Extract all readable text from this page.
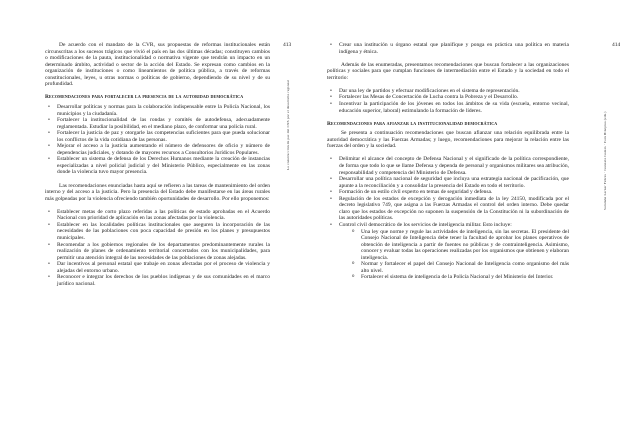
La construcción de paz del CNS por el desarrollo regional
413

De acuerdo con el mandato de la CVR, sus propuestas de reformas institucionales están circunscritas a los sucesos trágicos que vivió el país en las dos últimas décadas; constituyen cambios o modificaciones de la pauta, institucionalidad o normativa vigente que tendrán un impacto en un determinado ámbito, actividad o sector de la acción del Estado. Se expresan como cambios en la organización de instituciones o como lineamientos de política pública, a través de reformas constitucionales, leyes, u otras normas o políticas de gobierno, dependiendo de su nivel y de su profundidad.

Recomendaciones para fortalecer la presencia de la autoridad democrática
• Desarrollar políticas y normas para la colaboración indispensable entre la Policía Nacional, los municipios y la ciudadanía.
• Fortalecer la institucionalidad de las rondas y comités de autodefensa, adecuadamente reglamentada. Estudiar la posibilidad, en el mediano plazo, de conformar una policía rural.
• Fortalecer la justicia de paz y otorgarle las competencias suficientes para que pueda solucionar los conflictos de la vida cotidiana de las personas.
• Mejorar el acceso a la justicia aumentando el número de defensores de oficio y número de dependencias judiciales, y dotando de mayores recursos a Consultorios Jurídicos Populares.
• Establecer un sistema de defensa de los Derechos Humanos mediante la creación de instancias especializadas a nivel policial judicial y del Ministerio Público, especialmente en las zonas donde la violencia tuvo mayor presencia.

Las recomendaciones enunciadas hasta aquí se refieren a las tareas de mantenimiento del orden interno y del acceso a la justicia. Pero la presencia del Estado debe manifestarse en las áreas rurales más golpeadas por la violencia ofreciendo también oportunidades de desarrollo. Por ello proponemos:

• Establecer metas de corto plazo referidas a las políticas de estado aprobadas en el Acuerdo Nacional con prioridad de aplicación en las zonas afectadas por la violencia.
• Establecer en las localidades políticas institucionales que aseguren la incorporación de las necesidades de las poblaciones con poca capacidad de presión en los planes y presupuestos municipales.
• Recomendar a los gobiernos regionales de los departamentos predominantemente rurales la realización de planes de ordenamiento territorial concertados con los municipalidades, para permitir una atención integral de las necesidades de las poblaciones de zonas alejadas.
• Dar incentivos al personal estatal que trabaje en zonas afectadas por el proceso de violencia y alejadas del entorno urbano.
• Reconocer e integrar los derechos de los pueblos indígenas y de sus comunidades en el marco jurídico nacional.
Salomón Lerner Febres · Gonzalo Gamio · Iván Hinojosa (eds.)
414
• Crear una institución u órgano estatal que planifique y ponga en práctica una política en materia indígena y étnica.

Además de las enumeradas, presentamos recomendaciones que buscan fortalecer a las organizaciones políticas y sociales para que cumplan funciones de intermediación entre el Estado y la sociedad en todo el territorio:

• Dar una ley de partidos y efectuar modificaciones en el sistema de representación.
• Fortalecer las Mesas de Concertación de Lucha contra la Pobreza y el Desarrollo.
• Incentivar la participación de los jóvenes en todos los ámbitos de su vida (escuela, entorno vecinal, educación superior, laboral) estimulando la formación de líderes.
Recomendaciones para afianzar la institucionalidad democrática

Se presenta a continuación recomendaciones que buscan afianzar una relación equilibrada entre la autoridad democrática y las Fuerzas Armadas; y luego, recomendaciones para mejorar la relación entre las fuerzas del orden y la sociedad.

• Delimitar el alcance del concepto de Defensa Nacional y el significado de la política correspondiente, de forma que todo lo que se llame Defensa y dependa de personal y organismos militares sea atribución, responsabilidad y competencia del Ministerio de Defensa.
• Desarrollar una política nacional de seguridad que incluya una estrategia nacional de pacificación, que apunte a la reconciliación y a consolidar la presencia del Estado en todo el territorio.
• Formación de un estilo civil experto en temas de seguridad y defensa.
• Regulación de los estados de excepción y derogación inmediata de la ley 24150, modificada por el decreto legislativo 749, que asigna a las Fuerzas Armadas el control del orden interno. Debe quedar claro que los estados de excepción no suponen la suspensión de la Constitución ni la subordinación de las autoridades políticas.
• Control civil democrático de los servicios de inteligencia militar. Esto incluye:
o Una ley que norme y regule las actividades de inteligencia, sin las secretas. El presidente del Consejo Nacional de Inteligencia debe tener la facultad de aprobar los planes operativos de obtención de inteligencia a partir de fuentes no públicas y de contrainteligencia. Asimismo, conocer y evaluar todas las operaciones realizadas por los organismos que obtienen y elaboran inteligencia.
o Normar y fortalecer el papel del Consejo Nacional de Inteligencia como organismo del más alto nivel.
o Fortalecer el sistema de inteligencia de la Policía Nacional y del Ministerio del Interior.
